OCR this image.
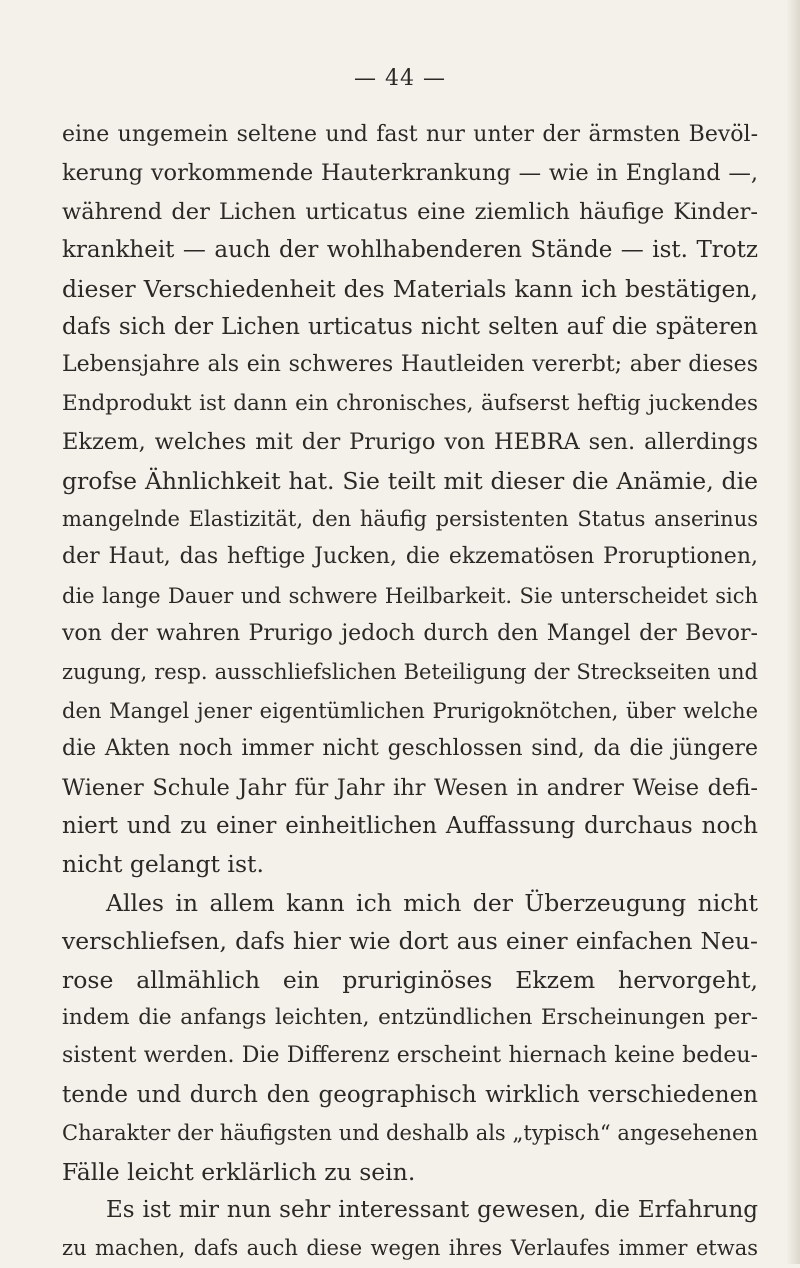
— 44 —
eine ungemein seltene und fast nur unter der ärmsten Bevöl-
kerung vorkommende Hauterkrankung — wie in England —,
während der Lichen urticatus eine ziemlich häufige Kinder-
krankheit — auch der wohlhabenderen Stände — ist. Trotz
dieser Verschiedenheit des Materials kann ich bestätigen,
dafs sich der Lichen urticatus nicht selten auf die späteren
Lebensjahre als ein schweres Hautleiden vererbt; aber dieses
Endprodukt ist dann ein chronisches, äufserst heftig juckendes
Ekzem, welches mit der Prurigo von HEBRA sen. allerdings
grofse Ähnlichkeit hat. Sie teilt mit dieser die Anämie, die
mangelnde Elastizität, den häufig persistenten Status anserinus
der Haut, das heftige Jucken, die ekzematösen Proruptionen,
die lange Dauer und schwere Heilbarkeit. Sie unterscheidet sich
von der wahren Prurigo jedoch durch den Mangel der Bevor-
zugung, resp. ausschliefslichen Beteiligung der Streckseiten und
den Mangel jener eigentümlichen Prurigoknötchen, über welche
die Akten noch immer nicht geschlossen sind, da die jüngere
Wiener Schule Jahr für Jahr ihr Wesen in andrer Weise defi-
niert und zu einer einheitlichen Auffassung durchaus noch
nicht gelangt ist.
Alles in allem kann ich mich der Überzeugung nicht
verschliefsen, dafs hier wie dort aus einer einfachen Neu-
rose allmählich ein pruriginöses Ekzem hervorgeht,
indem die anfangs leichten, entzündlichen Erscheinungen per-
sistent werden. Die Differenz erscheint hiernach keine bedeu-
tende und durch den geographisch wirklich verschiedenen
Charakter der häufigsten und deshalb als „typisch“ angesehenen
Fälle leicht erklärlich zu sein.
Es ist mir nun sehr interessant gewesen, die Erfahrung
zu machen, dafs auch diese wegen ihres Verlaufes immer etwas
